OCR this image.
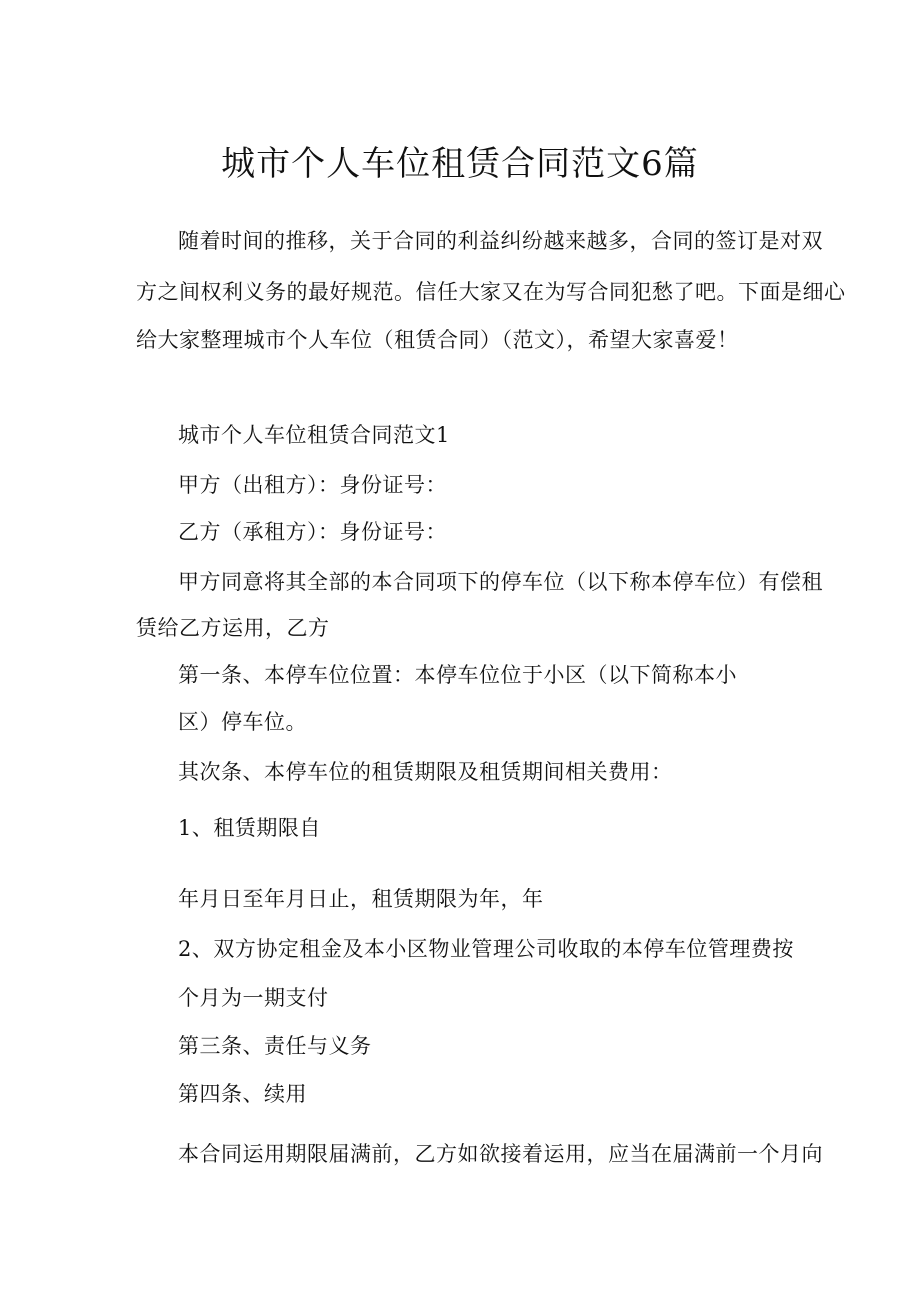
城市个人车位租赁合同范文6篇
随着时间的推移，关于合同的利益纠纷越来越多，合同的签订是对双
方之间权利义务的最好规范。信任大家又在为写合同犯愁了吧。下面是细心
给大家整理城市个人车位（租赁合同）（范文），希望大家喜爱！
城市个人车位租赁合同范文1
甲方（出租方）：身份证号：
乙方（承租方）：身份证号：
甲方同意将其全部的本合同项下的停车位（以下称本停车位）有偿租
赁给乙方运用，乙方
第一条、本停车位位置：本停车位位于小区（以下简称本小
区）停车位。
其次条、本停车位的租赁期限及租赁期间相关费用：
1、租赁期限自
年月日至年月日止，租赁期限为年，年
2、双方协定租金及本小区物业管理公司收取的本停车位管理费按
个月为一期支付
第三条、责任与义务
第四条、续用
本合同运用期限届满前，乙方如欲接着运用，应当在届满前一个月向
